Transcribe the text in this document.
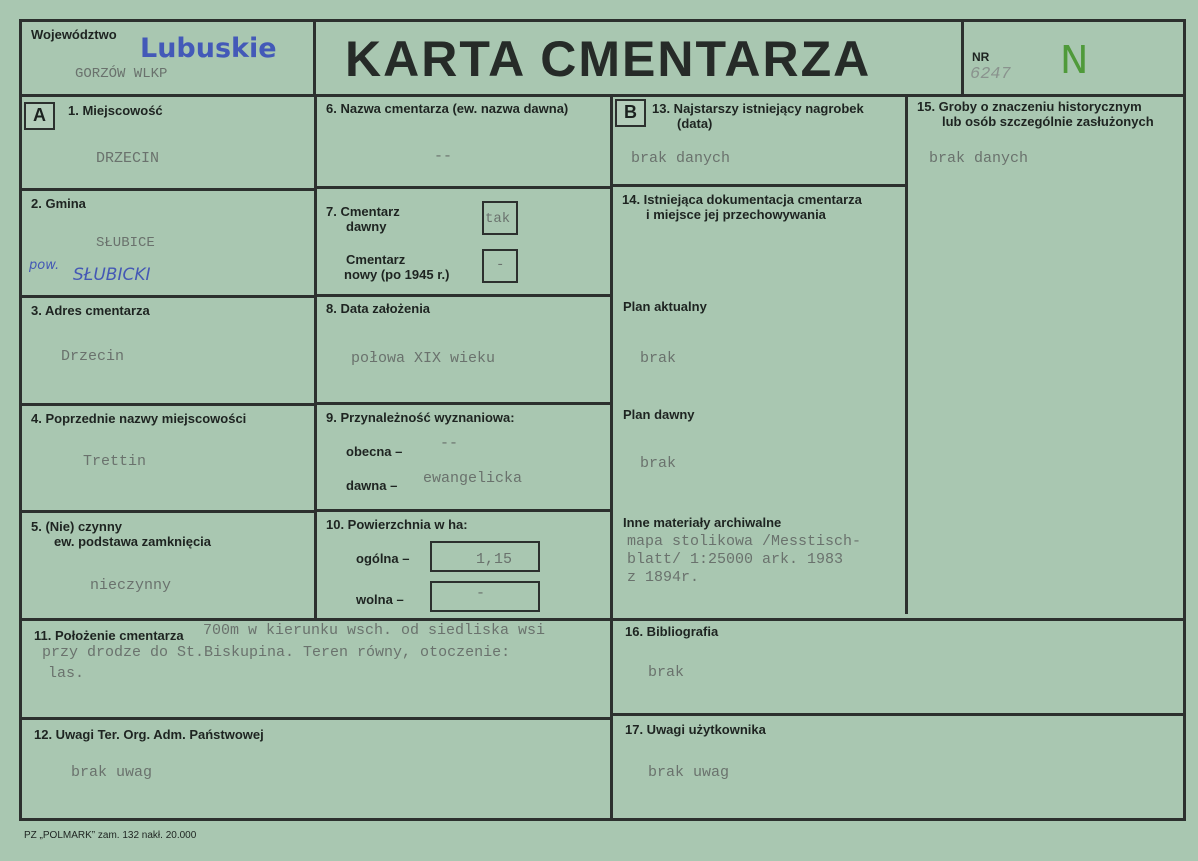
Województwo Lubuskie
GORZÓW WLKP	KARTA CMENTARZA	NR
6247 N
A	1. Miejscowość
DRZECIN
2. Gmina
SŁUBICE
pow. SŁUBICKI
3. Adres cmentarza
Drzecin
4. Poprzednie nazwy miejscowości
Trettin
5. (Nie) czynny
ew. podstawa zamknięcia
nieczynny
6. Nazwa cmentarza (ew. nazwa dawna)
--
7. Cmentarz
dawny	tak
Cmentarz
nowy (po 1945 r.)
-
8. Data założenia
połowa XIX wieku
9. Przynależność wyznaniowa:
obecna –	--
dawna – ewangelicka
10. Powierzchnia w ha:
ogólna –	1,15
wolna –	-
B	13. Najstarszy istniejący nagrobek
(data)
brak danych
14. Istniejąca dokumentacja cmentarza
i miejsce jej przechowywania
Plan aktualny
brak
Plan dawny
brak
Inne materiały archiwalne
mapa stolikowa /Messtisch-
blatt/ 1:25000 ark. 1983
z 1894r.
15. Groby o znaczeniu historycznym
lub osób szczególnie zasłużonych
brak danych
11. Położenie cmentarza 700m w kierunku wsch. od siedliska wsi
przy drodze do St.Biskupina. Teren równy, otoczenie:
las.
16. Bibliografia
brak
12. Uwagi Ter. Org. Adm. Państwowej
brak uwag
17. Uwagi użytkownika
brak uwag
PZ „POLMARK” zam. 132 nakł. 20.000
